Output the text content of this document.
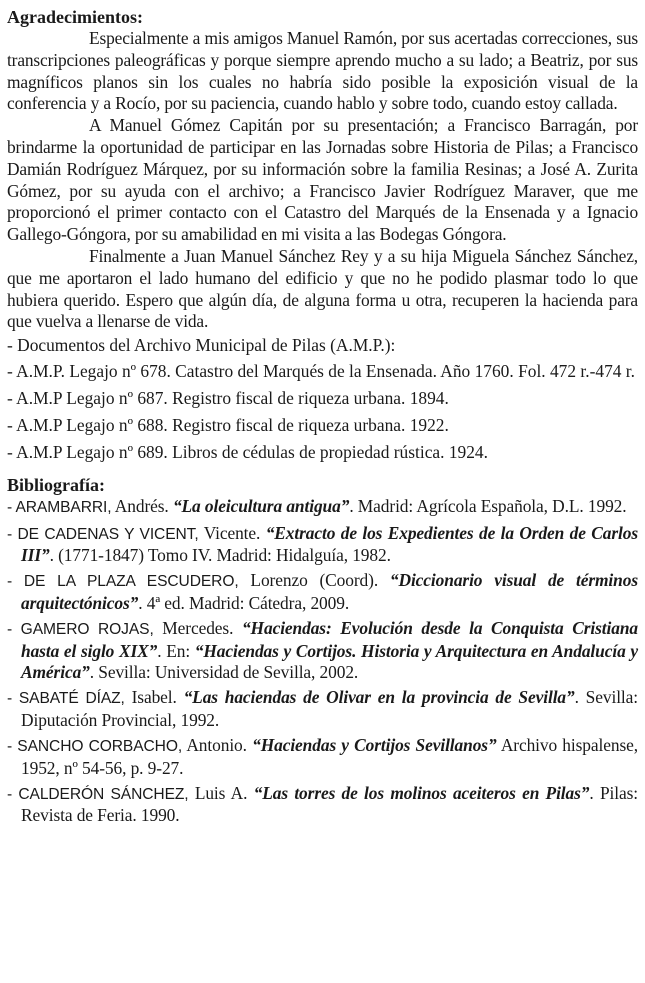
Agradecimientos:

Especialmente a mis amigos Manuel Ramón, por sus acertadas correcciones, sus transcripciones paleográficas y porque siempre aprendo mucho a su lado; a Beatriz, por sus magníficos planos sin los cuales no habría sido posible la exposición visual de la conferencia y a Rocío, por su paciencia, cuando hablo y sobre todo, cuando estoy callada.

A Manuel Gómez Capitán por su presentación; a Francisco Barragán, por brindarme la oportunidad de participar en las Jornadas sobre Historia de Pilas; a Francisco Damián Rodríguez Márquez, por su información sobre la familia Resinas; a José A. Zurita Gómez, por su ayuda con el archivo; a Francisco Javier Rodríguez Maraver, que me proporcionó el primer contacto con el Catastro del Marqués de la Ensenada y a Ignacio Gallego-Góngora, por su amabilidad en mi visita a las Bodegas Góngora.

Finalmente a Juan Manuel Sánchez Rey y a su hija Miguela Sánchez Sánchez, que me aportaron el lado humano del edificio y que no he podido plasmar todo lo que hubiera querido. Espero que algún día, de alguna forma u otra, recuperen la hacienda para que vuelva a llenarse de vida.

- Documentos del Archivo Municipal de Pilas (A.M.P.):
- A.M.P. Legajo nº 678. Catastro del Marqués de la Ensenada. Año 1760. Fol. 472 r.-474 r.
- A.M.P Legajo nº 687. Registro fiscal de riqueza urbana. 1894.
- A.M.P Legajo nº 688. Registro fiscal de riqueza urbana. 1922.
- A.M.P Legajo nº 689. Libros de cédulas de propiedad rústica. 1924.
Bibliografía:
- ARAMBARRI, Andrés. “La oleicultura antigua”. Madrid: Agrícola Española, D.L. 1992.
- DE CADENAS Y VICENT, Vicente. “Extracto de los Expedientes de la Orden de Carlos III”. (1771-1847) Tomo IV. Madrid: Hidalguía, 1982.
- DE LA PLAZA ESCUDERO, Lorenzo (Coord). “Diccionario visual de términos arquitectónicos”. 4ª ed. Madrid: Cátedra, 2009.
- GAMERO ROJAS, Mercedes. “Haciendas: Evolución desde la Conquista Cristiana hasta el siglo XIX”. En: “Haciendas y Cortijos. Historia y Arquitectura en Andalucía y América”. Sevilla: Universidad de Sevilla, 2002.
- SABATÉ DÍAZ, Isabel. “Las haciendas de Olivar en la provincia de Sevilla”. Sevilla: Diputación Provincial, 1992.
- SANCHO CORBACHO, Antonio. “Haciendas y Cortijos Sevillanos” Archivo hispalense, 1952, nº 54-56, p. 9-27.
- CALDERÓN SÁNCHEZ, Luis A. “Las torres de los molinos aceiteros en Pilas”. Pilas: Revista de Feria. 1990.
